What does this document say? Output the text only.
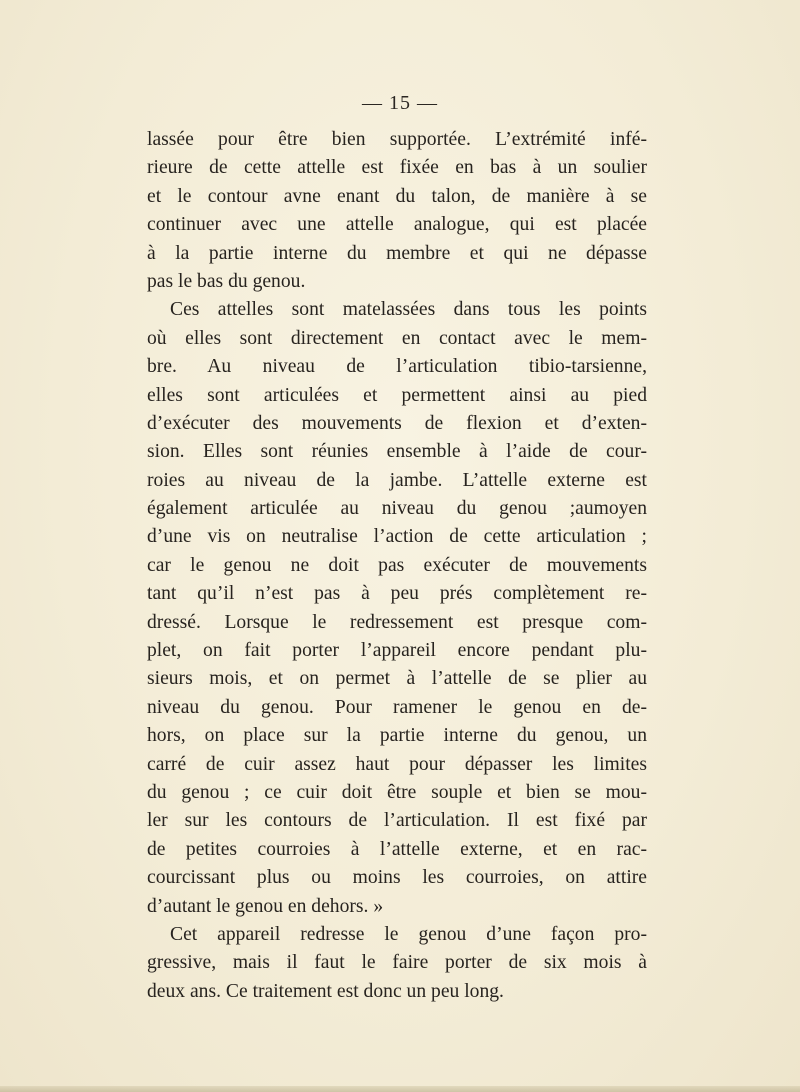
— 15 —
lassée pour être bien supportée. L’extrémité infé-
rieure de cette attelle est fixée en bas à un soulier
et le contour avne enant du talon, de manière à se
continuer avec une attelle analogue, qui est placée
à la partie interne du membre et qui ne dépasse
pas le bas du genou.
Ces attelles sont matelassées dans tous les points
où elles sont directement en contact avec le mem-
bre. Au niveau de l’articulation tibio-tarsienne,
elles sont articulées et permettent ainsi au pied
d’exécuter des mouvements de flexion et d’exten-
sion. Elles sont réunies ensemble à l’aide de cour-
roies au niveau de la jambe. L’attelle externe est
également articulée au niveau du genou ;aumoyen
d’une vis on neutralise l’action de cette articulation ;
car le genou ne doit pas exécuter de mouvements
tant qu’il n’est pas à peu prés complètement re-
dressé. Lorsque le redressement est presque com-
plet, on fait porter l’appareil encore pendant plu-
sieurs mois, et on permet à l’attelle de se plier au
niveau du genou. Pour ramener le genou en de-
hors, on place sur la partie interne du genou, un
carré de cuir assez haut pour dépasser les limites
du genou ; ce cuir doit être souple et bien se mou-
ler sur les contours de l’articulation. Il est fixé par
de petites courroies à l’attelle externe, et en rac-
courcissant plus ou moins les courroies, on attire
d’autant le genou en dehors. »
Cet appareil redresse le genou d’une façon pro-
gressive, mais il faut le faire porter de six mois à
deux ans. Ce traitement est donc un peu long.
